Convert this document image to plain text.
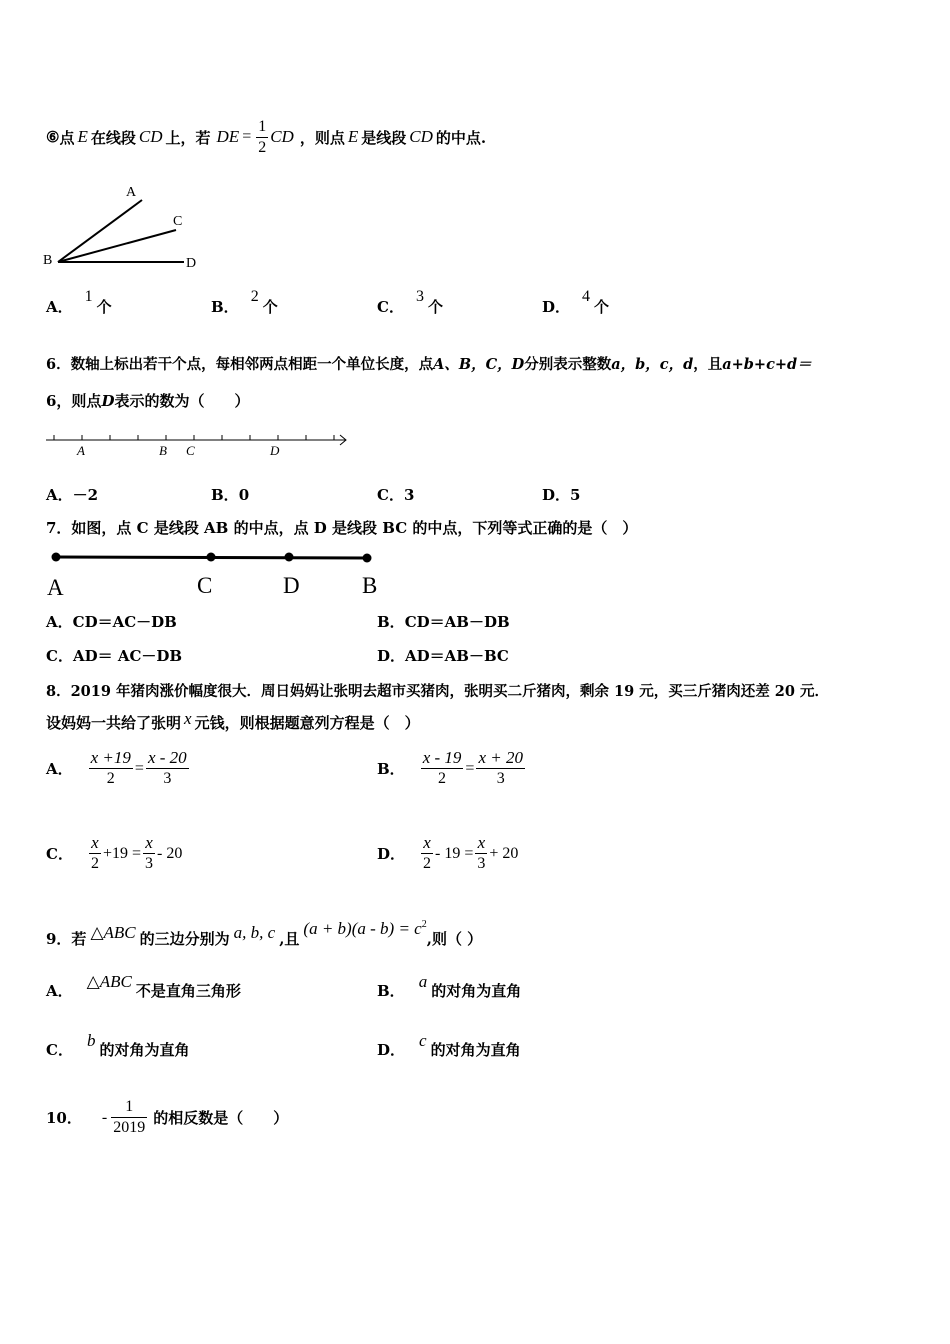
⑥ 点 E 在线段 CD 上，若 DE = $\frac{1}{2}$ CD ，则点 E 是线段 CD 的中点.
A
B
C
D
A．
1
个	B．
2
个	C．
3
个	D．
4
个
6．数轴上标出若干个点，每相邻两点相距一个单位长度，点A、B，C，D分别表示整数a，b，c，d，且a+b+c+d＝
6，则点D表示的数为（　　）
A	B C	D
A．－2	B．0	C．3	D．5
7．如图，点 C 是线段 AB 的中点，点 D 是线段 BC 的中点，下列等式正确的是（　）
A	C	D	B
A．CD＝AC－DB	B．CD＝AB－DB
C．AD＝ AC－DB	D．AD＝AB－BC
8．2019 年猪肉涨价幅度很大．周日妈妈让张明去超市买猪肉，张明买二斤猪肉，剩余 19 元，买三斤猪肉还差 20 元．
设妈妈一共给了张明 x 元钱，则根据题意列方程是（　）
A． $\frac{x +19}{2} = \frac{x - 20}{3}$	B． $\frac{x - 19}{2} = \frac{x + 20}{3}$
C． $\frac{x}{2} +19 = \frac{x}{3} - 20$	D． $\frac{x}{2} - 19 = \frac{x}{3} + 20$
9．若 △ABC 的三边分别为 a, b, c ,且
$(a + b)(a - b) = c^2$
,则（ ）
A．
△ABC
不是直角三角形	B．
a
的对角为直角
C．
b
的对角为直角	D．
c
的对角为直角
10． - $\frac{1}{2019}$ 的相反数是（　　）
